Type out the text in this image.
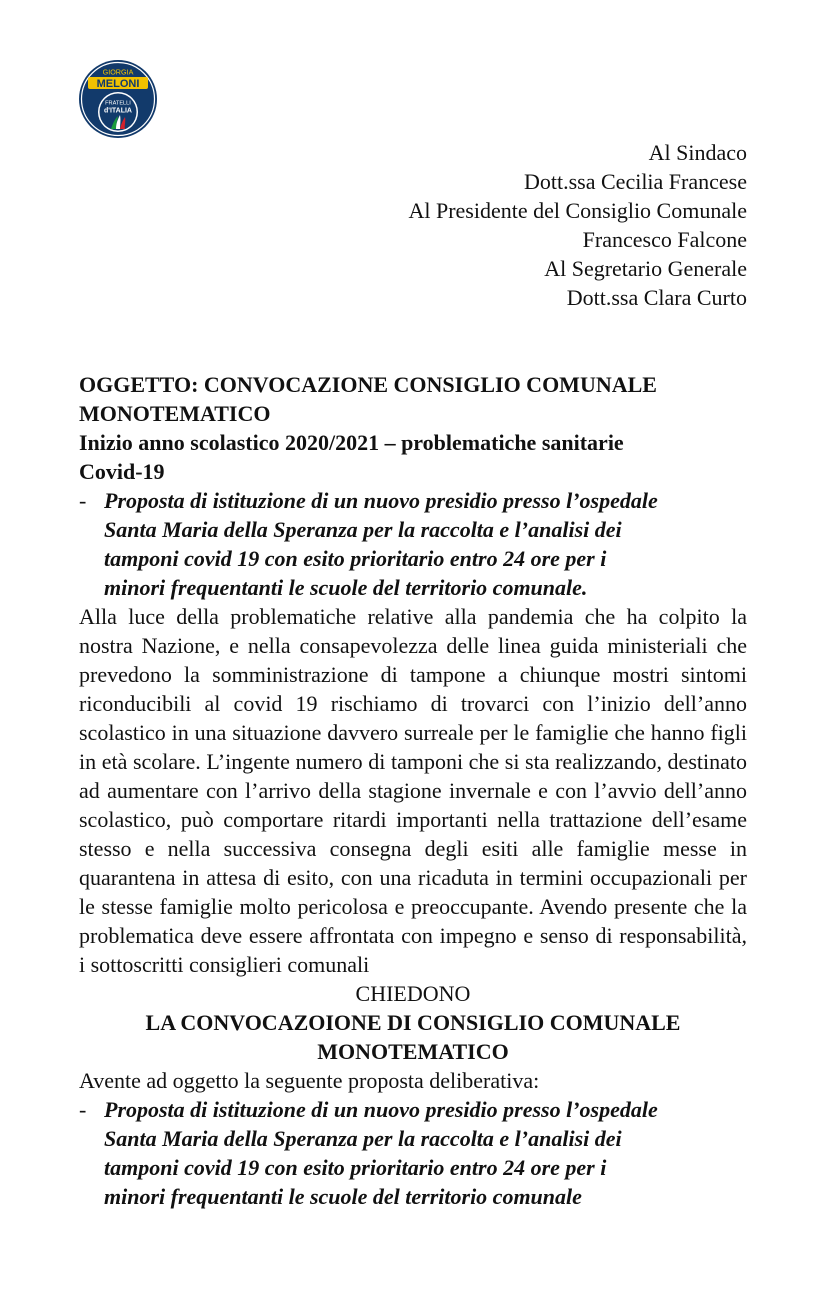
GIORGIA
MELONI
FRATELLI
d'ITALIA
Al Sindaco
Dott.ssa Cecilia Francese
Al Presidente del Consiglio Comunale
Francesco Falcone
Al Segretario Generale
Dott.ssa Clara Curto
OGGETTO: CONVOCAZIONE CONSIGLIO COMUNALE
MONOTEMATICO
Inizio anno scolastico 2020/2021 – problematiche sanitarie
Covid-19
- Proposta di istituzione di un nuovo presidio presso l’ospedale
Santa Maria della Speranza per la raccolta e l’analisi dei
tamponi covid 19 con esito prioritario entro 24 ore per i
minori frequentanti le scuole del territorio comunale.
Alla luce della problematiche relative alla pandemia che ha colpito la nostra Nazione, e nella consapevolezza delle linea guida ministeriali che prevedono la somministrazione di tampone a chiunque mostri sintomi riconducibili al covid 19 rischiamo di trovarci con l’inizio dell’anno scolastico in una situazione davvero surreale per le famiglie che hanno figli in età scolare. L’ingente numero di tamponi che si sta realizzando, destinato ad aumentare con l’arrivo della stagione invernale e con l’avvio dell’anno scolastico, può comportare ritardi importanti nella trattazione dell’esame stesso e nella successiva consegna degli esiti alle famiglie messe in quarantena in attesa di esito, con una ricaduta in termini occupazionali per le stesse famiglie molto pericolosa e preoccupante. Avendo presente che la problematica deve essere affrontata con impegno e senso di responsabilità, i sottoscritti consiglieri comunali
CHIEDONO
LA CONVOCAZOIONE DI CONSIGLIO COMUNALE
MONOTEMATICO
Avente ad oggetto la seguente proposta deliberativa:
- Proposta di istituzione di un nuovo presidio presso l’ospedale
Santa Maria della Speranza per la raccolta e l’analisi dei
tamponi covid 19 con esito prioritario entro 24 ore per i
minori frequentanti le scuole del territorio comunale
